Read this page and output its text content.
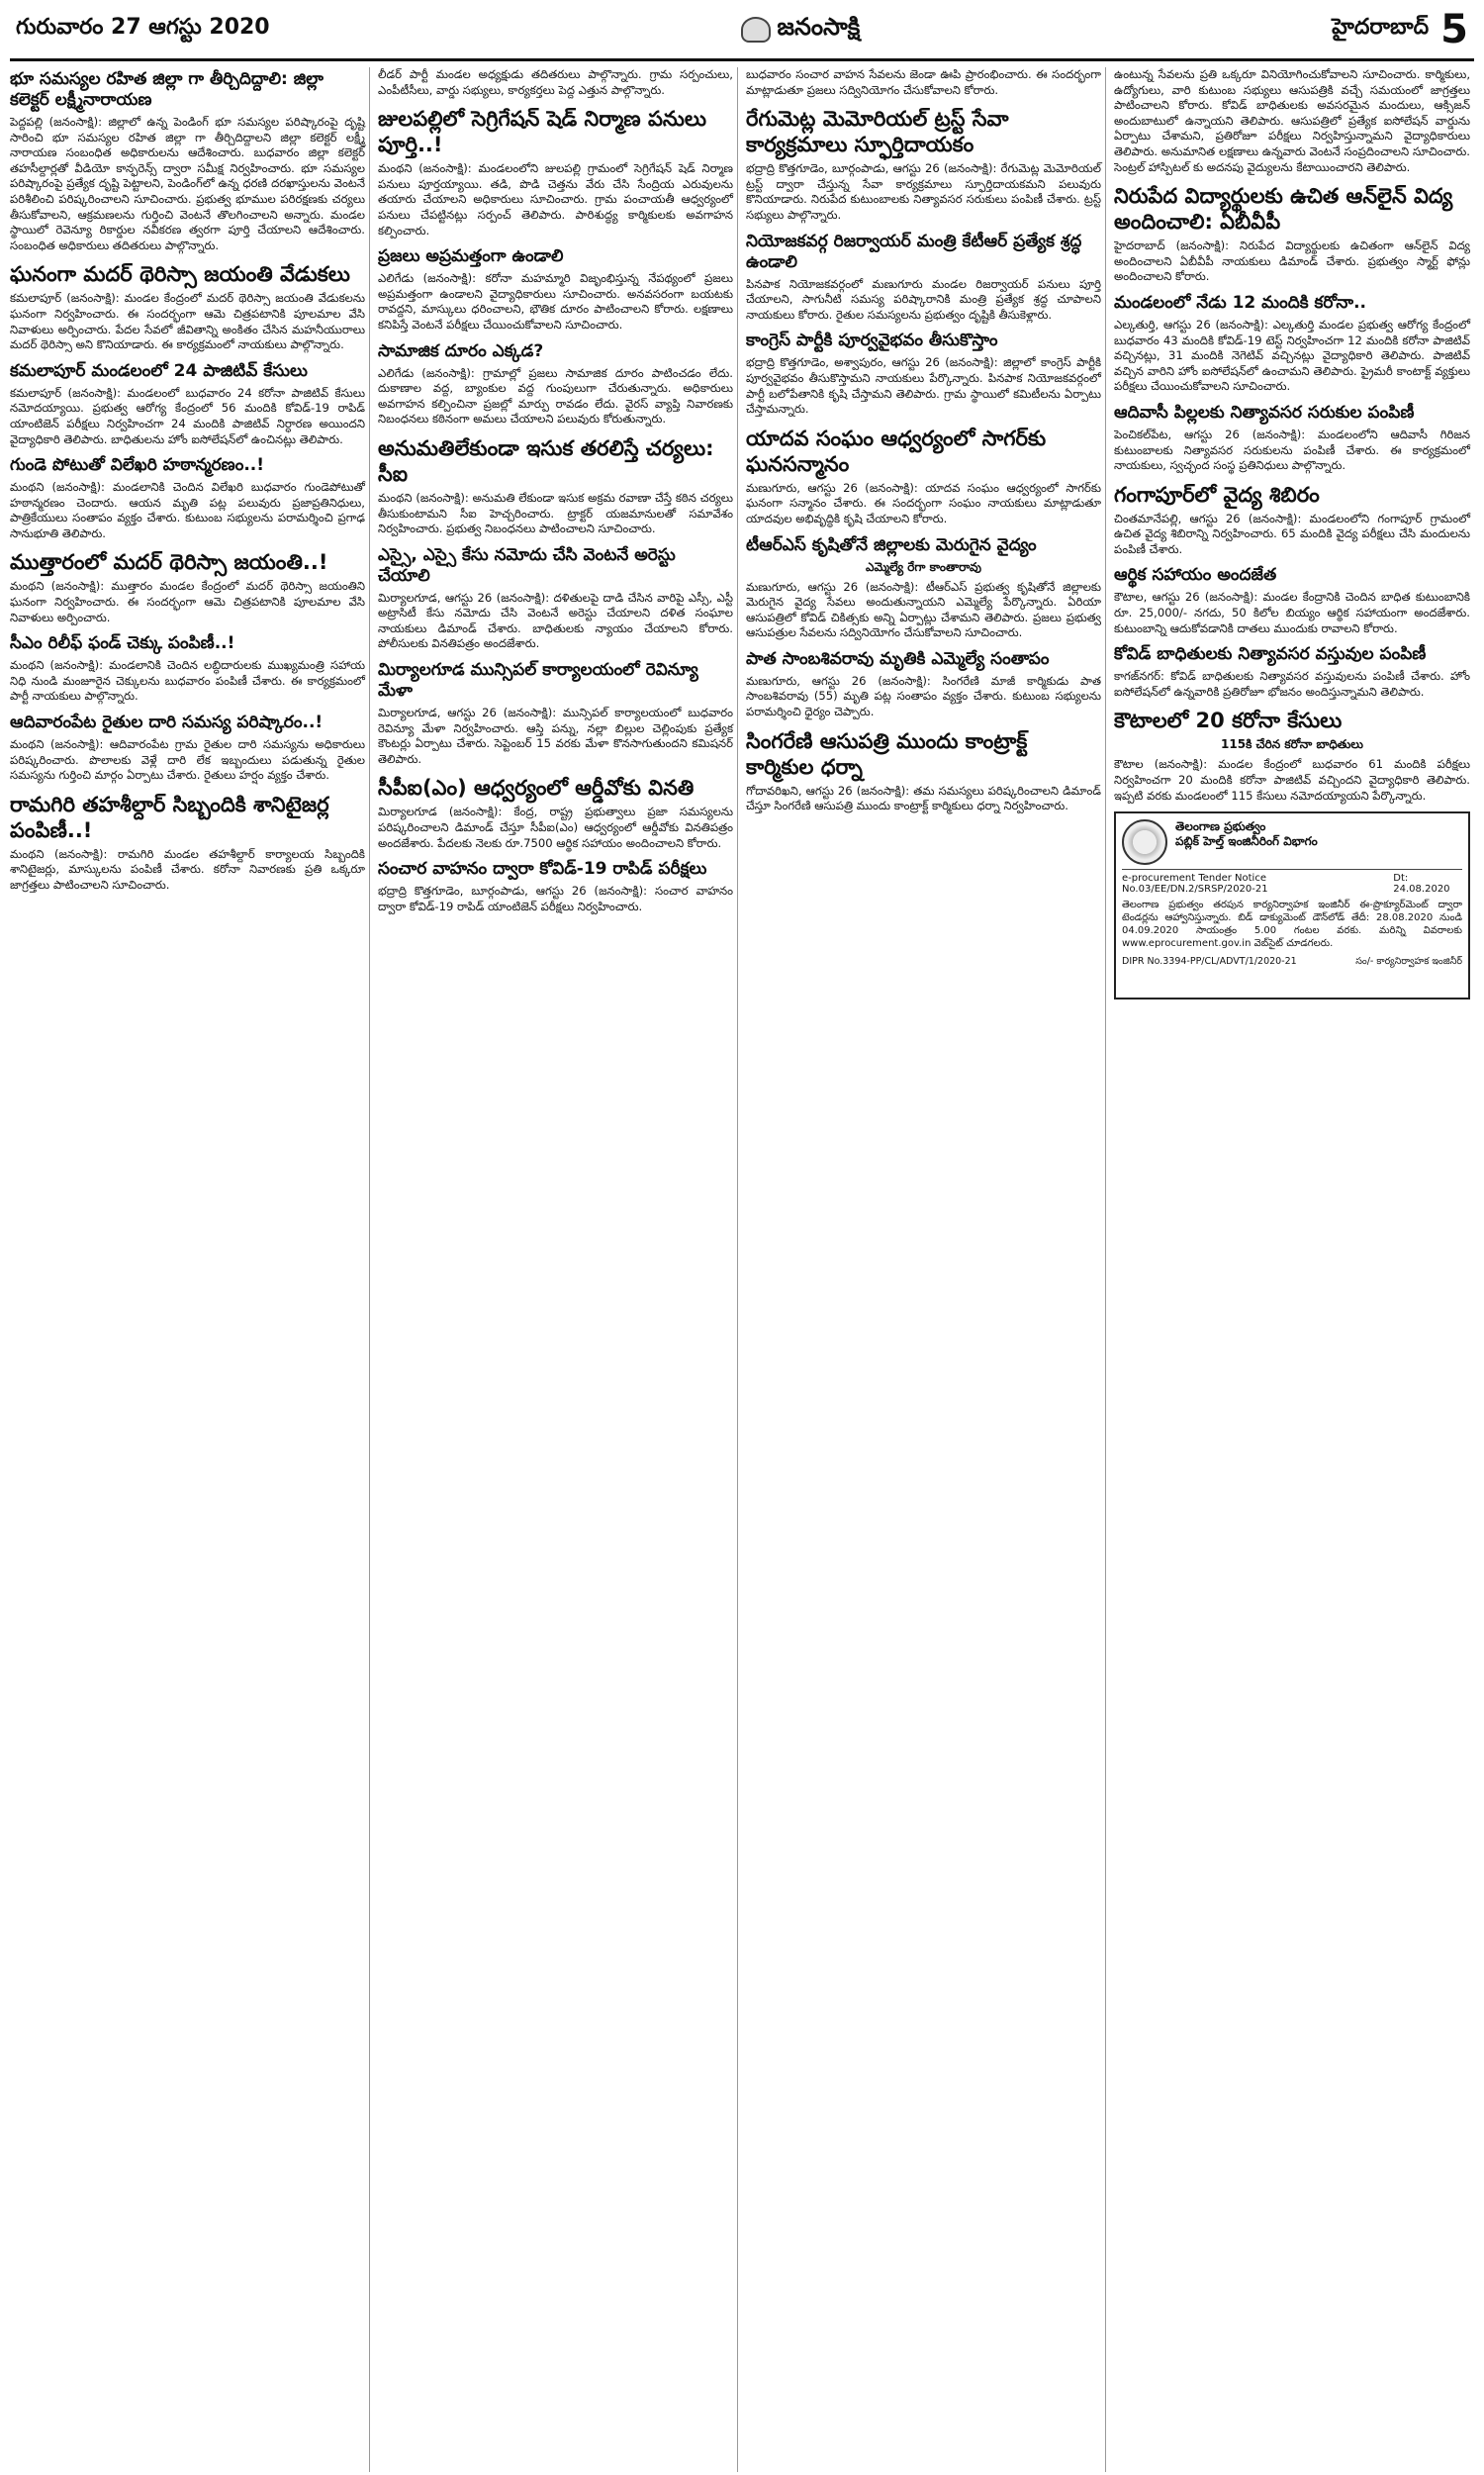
గురువారం 27 ఆగస్టు 2020	జనంసాక్షి	హైదరాబాద్ 5
భూ సమస్యల రహిత జిల్లా గా తీర్చిదిద్దాలి: జిల్లా కలెక్టర్ లక్ష్మీనారాయణ
పెద్దపల్లి (జనంసాక్షి): జిల్లాలో ఉన్న పెండింగ్ భూ సమస్యల పరిష్కారంపై దృష్టి సారించి భూ సమస్యల రహిత జిల్లా గా తీర్చిదిద్దాలని జిల్లా కలెక్టర్ లక్ష్మీ నారాయణ సంబంధిత అధికారులను ఆదేశించారు. బుధవారం జిల్లా కలెక్టర్ తహసీల్దార్లతో వీడియో కాన్ఫరెన్స్ ద్వారా సమీక్ష నిర్వహించారు. భూ సమస్యల పరిష్కారంపై ప్రత్యేక దృష్టి పెట్టాలని, పెండింగ్‌లో ఉన్న ధరణి దరఖాస్తులను వెంటనే పరిశీలించి పరిష్కరించాలని సూచించారు. ప్రభుత్వ భూముల పరిరక్షణకు చర్యలు తీసుకోవాలని, ఆక్రమణలను గుర్తించి వెంటనే తొలగించాలని అన్నారు. మండల స్థాయిలో రెవెన్యూ రికార్డుల నవీకరణ త్వరగా పూర్తి చేయాలని ఆదేశించారు. సంబంధిత అధికారులు తదితరులు పాల్గొన్నారు.
ఘనంగా మదర్ థెరిస్సా జయంతి వేడుకలు
కమలాపూర్ (జనంసాక్షి): మండల కేంద్రంలో మదర్ థెరిస్సా జయంతి వేడుకలను ఘనంగా నిర్వహించారు. ఈ సందర్భంగా ఆమె చిత్రపటానికి పూలమాల వేసి నివాళులు అర్పించారు. పేదల సేవలో జీవితాన్ని అంకితం చేసిన మహనీయురాలు మదర్ థెరిస్సా అని కొనియాడారు. ఈ కార్యక్రమంలో నాయకులు పాల్గొన్నారు.
కమలాపూర్ మండలంలో 24 పాజిటివ్ కేసులు
కమలాపూర్ (జనంసాక్షి): మండలంలో బుధవారం 24 కరోనా పాజిటివ్ కేసులు నమోదయ్యాయి. ప్రభుత్వ ఆరోగ్య కేంద్రంలో 56 మందికి కోవిడ్-19 రాపిడ్ యాంటిజెన్ పరీక్షలు నిర్వహించగా 24 మందికి పాజిటివ్ నిర్ధారణ అయిందని వైద్యాధికారి తెలిపారు. బాధితులను హోం ఐసోలేషన్‌లో ఉంచినట్లు తెలిపారు.
గుండె పోటుతో విలేఖరి హఠాన్మరణం..!
మంథని (జనంసాక్షి): మండలానికి చెందిన విలేఖరి బుధవారం గుండెపోటుతో హఠాన్మరణం చెందారు. ఆయన మృతి పట్ల పలువురు ప్రజాప్రతినిధులు, పాత్రికేయులు సంతాపం వ్యక్తం చేశారు. కుటుంబ సభ్యులను పరామర్శించి ప్రగాఢ సానుభూతి తెలిపారు.
ముత్తారంలో మదర్ థెరిస్సా జయంతి..!
మంథని (జనంసాక్షి): ముత్తారం మండల కేంద్రంలో మదర్ థెరిస్సా జయంతిని ఘనంగా నిర్వహించారు. ఈ సందర్భంగా ఆమె చిత్రపటానికి పూలమాల వేసి నివాళులు అర్పించారు.
సీఎం రిలీఫ్ ఫండ్ చెక్కు పంపిణీ..!
మంథని (జనంసాక్షి): మండలానికి చెందిన లబ్ధిదారులకు ముఖ్యమంత్రి సహాయ నిధి నుండి మంజూరైన చెక్కులను బుధవారం పంపిణీ చేశారు. ఈ కార్యక్రమంలో పార్టీ నాయకులు పాల్గొన్నారు.
ఆదివారంపేట రైతుల దారి సమస్య పరిష్కారం..!
మంథని (జనంసాక్షి): ఆదివారంపేట గ్రామ రైతుల దారి సమస్యను అధికారులు పరిష్కరించారు. పొలాలకు వెళ్లే దారి లేక ఇబ్బందులు పడుతున్న రైతుల సమస్యను గుర్తించి మార్గం ఏర్పాటు చేశారు. రైతులు హర్షం వ్యక్తం చేశారు.
రామగిరి తహశీల్దార్ సిబ్బందికి శానిటైజర్ల పంపిణీ..!
మంథని (జనంసాక్షి): రామగిరి మండల తహశీల్దార్ కార్యాలయ సిబ్బందికి శానిటైజర్లు, మాస్కులను పంపిణీ చేశారు. కరోనా నివారణకు ప్రతి ఒక్కరూ జాగ్రత్తలు పాటించాలని సూచించారు.
లీడర్ పార్టీ మండల అధ్యక్షుడు తదితరులు పాల్గొన్నారు. గ్రామ సర్పంచులు, ఎంపీటీసీలు, వార్డు సభ్యులు, కార్యకర్తలు పెద్ద ఎత్తున పాల్గొన్నారు.
జులపల్లిలో సెగ్రిగేషన్ షెడ్ నిర్మాణ పనులు పూర్తి..!
మంథని (జనంసాక్షి): మండలంలోని జులపల్లి గ్రామంలో సెగ్రిగేషన్ షెడ్ నిర్మాణ పనులు పూర్తయ్యాయి. తడి, పొడి చెత్తను వేరు చేసి సేంద్రియ ఎరువులను తయారు చేయాలని అధికారులు సూచించారు. గ్రామ పంచాయతీ ఆధ్వర్యంలో పనులు చేపట్టినట్లు సర్పంచ్ తెలిపారు. పారిశుద్ధ్య కార్మికులకు అవగాహన కల్పించారు.
ప్రజలు అప్రమత్తంగా ఉండాలి
ఎలిగేడు (జనంసాక్షి): కరోనా మహమ్మారి విజృంభిస్తున్న నేపథ్యంలో ప్రజలు అప్రమత్తంగా ఉండాలని వైద్యాధికారులు సూచించారు. అనవసరంగా బయటకు రావద్దని, మాస్కులు ధరించాలని, భౌతిక దూరం పాటించాలని కోరారు. లక్షణాలు కనిపిస్తే వెంటనే పరీక్షలు చేయించుకోవాలని సూచించారు.
సామాజిక దూరం ఎక్కడ?
ఎలిగేడు (జనంసాక్షి): గ్రామాల్లో ప్రజలు సామాజిక దూరం పాటించడం లేదు. దుకాణాల వద్ద, బ్యాంకుల వద్ద గుంపులుగా చేరుతున్నారు. అధికారులు అవగాహన కల్పించినా ప్రజల్లో మార్పు రావడం లేదు. వైరస్ వ్యాప్తి నివారణకు నిబంధనలు కఠినంగా అమలు చేయాలని పలువురు కోరుతున్నారు.
అనుమతిలేకుండా ఇసుక తరలిస్తే చర్యలు: సీఐ
మంథని (జనంసాక్షి): అనుమతి లేకుండా ఇసుక అక్రమ రవాణా చేస్తే కఠిన చర్యలు తీసుకుంటామని సీఐ హెచ్చరించారు. ట్రాక్టర్ యజమానులతో సమావేశం నిర్వహించారు. ప్రభుత్వ నిబంధనలు పాటించాలని సూచించారు.
ఎస్సై, ఎస్సై కేసు నమోదు చేసి వెంటనే అరెస్టు చేయాలి
మిర్యాలగూడ, ఆగస్టు 26 (జనంసాక్షి): దళితులపై దాడి చేసిన వారిపై ఎస్సీ, ఎస్టీ అట్రాసిటీ కేసు నమోదు చేసి వెంటనే అరెస్టు చేయాలని దళిత సంఘాల నాయకులు డిమాండ్ చేశారు. బాధితులకు న్యాయం చేయాలని కోరారు. పోలీసులకు వినతిపత్రం అందజేశారు.
మిర్యాలగూడ మున్సిపల్ కార్యాలయంలో రెవిన్యూ మేళా
మిర్యాలగూడ, ఆగస్టు 26 (జనంసాక్షి): మున్సిపల్ కార్యాలయంలో బుధవారం రెవిన్యూ మేళా నిర్వహించారు. ఆస్తి పన్ను, నల్లా బిల్లుల చెల్లింపుకు ప్రత్యేక కౌంటర్లు ఏర్పాటు చేశారు. సెప్టెంబర్ 15 వరకు మేళా కొనసాగుతుందని కమిషనర్ తెలిపారు.
సీపీఐ(ఎం) ఆధ్వర్యంలో ఆర్డీవోకు వినతి
మిర్యాలగూడ (జనంసాక్షి): కేంద్ర, రాష్ట్ర ప్రభుత్వాలు ప్రజా సమస్యలను పరిష్కరించాలని డిమాండ్ చేస్తూ సీపీఐ(ఎం) ఆధ్వర్యంలో ఆర్డీవోకు వినతిపత్రం అందజేశారు. పేదలకు నెలకు రూ.7500 ఆర్థిక సహాయం అందించాలని కోరారు.
సంచార వాహనం ద్వారా కోవిడ్-19 రాపిడ్ పరీక్షలు
భద్రాద్రి కొత్తగూడెం, బూర్గంపాడు, ఆగస్టు 26 (జనంసాక్షి): సంచార వాహనం ద్వారా కోవిడ్-19 రాపిడ్ యాంటిజెన్ పరీక్షలు నిర్వహించారు.
బుధవారం సంచార వాహన సేవలను జెండా ఊపి ప్రారంభించారు. ఈ సందర్భంగా మాట్లాడుతూ ప్రజలు సద్వినియోగం చేసుకోవాలని కోరారు.
రేగుమెట్ల మెమోరియల్ ట్రస్ట్ సేవా కార్యక్రమాలు స్ఫూర్తిదాయకం
భద్రాద్రి కొత్తగూడెం, బూర్గంపాడు, ఆగస్టు 26 (జనంసాక్షి): రేగుమెట్ల మెమోరియల్ ట్రస్ట్ ద్వారా చేస్తున్న సేవా కార్యక్రమాలు స్ఫూర్తిదాయకమని పలువురు కొనియాడారు. నిరుపేద కుటుంబాలకు నిత్యావసర సరుకులు పంపిణీ చేశారు. ట్రస్ట్ సభ్యులు పాల్గొన్నారు.
నియోజకవర్గ రిజర్వాయర్ మంత్రి కేటీఆర్ ప్రత్యేక శ్రద్ధ ఉండాలి
పినపాక నియోజకవర్గంలో మణుగూరు మండల రిజర్వాయర్ పనులు పూర్తి చేయాలని, సాగునీటి సమస్య పరిష్కారానికి మంత్రి ప్రత్యేక శ్రద్ధ చూపాలని నాయకులు కోరారు. రైతుల సమస్యలను ప్రభుత్వం దృష్టికి తీసుకెళ్లారు.
కాంగ్రెస్ పార్టీకి పూర్వవైభవం తీసుకొస్తాం
భద్రాద్రి కొత్తగూడెం, అశ్వాపురం, ఆగస్టు 26 (జనంసాక్షి): జిల్లాలో కాంగ్రెస్ పార్టీకి పూర్వవైభవం తీసుకొస్తామని నాయకులు పేర్కొన్నారు. పినపాక నియోజకవర్గంలో పార్టీ బలోపేతానికి కృషి చేస్తామని తెలిపారు. గ్రామ స్థాయిలో కమిటీలను ఏర్పాటు చేస్తామన్నారు.
యాదవ సంఘం ఆధ్వర్యంలో సాగర్‌కు ఘనసన్మానం
మణుగూరు, ఆగస్టు 26 (జనంసాక్షి): యాదవ సంఘం ఆధ్వర్యంలో సాగర్‌కు ఘనంగా సన్మానం చేశారు. ఈ సందర్భంగా సంఘం నాయకులు మాట్లాడుతూ యాదవుల అభివృద్ధికి కృషి చేయాలని కోరారు.
టీఆర్ఎస్ కృషితోనే జిల్లాలకు మెరుగైన వైద్యం
ఎమ్మెల్యే రేగా కాంతారావు
మణుగూరు, ఆగస్టు 26 (జనంసాక్షి): టీఆర్ఎస్ ప్రభుత్వ కృషితోనే జిల్లాలకు మెరుగైన వైద్య సేవలు అందుతున్నాయని ఎమ్మెల్యే పేర్కొన్నారు. ఏరియా ఆసుపత్రిలో కోవిడ్ చికిత్సకు అన్ని ఏర్పాట్లు చేశామని తెలిపారు. ప్రజలు ప్రభుత్వ ఆసుపత్రుల సేవలను సద్వినియోగం చేసుకోవాలని సూచించారు.
పాత సాంబశివరావు మృతికి ఎమ్మెల్యే సంతాపం
మణుగూరు, ఆగస్టు 26 (జనంసాక్షి): సింగరేణి మాజీ కార్మికుడు పాత సాంబశివరావు (55) మృతి పట్ల సంతాపం వ్యక్తం చేశారు. కుటుంబ సభ్యులను పరామర్శించి ధైర్యం చెప్పారు.
సింగరేణి ఆసుపత్రి ముందు కాంట్రాక్ట్ కార్మికుల ధర్నా
గోదావరిఖని, ఆగస్టు 26 (జనంసాక్షి): తమ సమస్యలు పరిష్కరించాలని డిమాండ్ చేస్తూ సింగరేణి ఆసుపత్రి ముందు కాంట్రాక్ట్ కార్మికులు ధర్నా నిర్వహించారు.
ఉంటున్న సేవలను ప్రతి ఒక్కరూ వినియోగించుకోవాలని సూచించారు. కార్మికులు, ఉద్యోగులు, వారి కుటుంబ సభ్యులు ఆసుపత్రికి వచ్చే సమయంలో జాగ్రత్తలు పాటించాలని కోరారు. కోవిడ్ బాధితులకు అవసరమైన మందులు, ఆక్సిజన్ అందుబాటులో ఉన్నాయని తెలిపారు. ఆసుపత్రిలో ప్రత్యేక ఐసోలేషన్ వార్డును ఏర్పాటు చేశామని, ప్రతిరోజూ పరీక్షలు నిర్వహిస్తున్నామని వైద్యాధికారులు తెలిపారు. అనుమానిత లక్షణాలు ఉన్నవారు వెంటనే సంప్రదించాలని సూచించారు. సెంట్రల్ హాస్పిటల్ కు అదనపు వైద్యులను కేటాయించారని తెలిపారు.
నిరుపేద విద్యార్థులకు ఉచిత ఆన్‌లైన్ విద్య అందించాలి: ఏబీవీపీ
హైదరాబాద్ (జనంసాక్షి): నిరుపేద విద్యార్థులకు ఉచితంగా ఆన్‌లైన్ విద్య అందించాలని ఏబీవీపీ నాయకులు డిమాండ్ చేశారు. ప్రభుత్వం స్మార్ట్ ఫోన్లు అందించాలని కోరారు.
మండలంలో నేడు 12 మందికి కరోనా..
ఎల్కతుర్తి, ఆగస్టు 26 (జనంసాక్షి): ఎల్కతుర్తి మండల ప్రభుత్వ ఆరోగ్య కేంద్రంలో బుధవారం 43 మందికి కోవిడ్-19 టెస్ట్ నిర్వహించగా 12 మందికి కరోనా పాజిటివ్ వచ్చినట్లు, 31 మందికి నెగెటివ్ వచ్చినట్లు వైద్యాధికారి తెలిపారు. పాజిటివ్ వచ్చిన వారిని హోం ఐసోలేషన్‌లో ఉంచామని తెలిపారు. ప్రైమరీ కాంటాక్ట్ వ్యక్తులు పరీక్షలు చేయించుకోవాలని సూచించారు.
ఆదివాసీ పిల్లలకు నిత్యావసర సరుకుల పంపిణీ
పెంచికల్‌పేట, ఆగస్టు 26 (జనంసాక్షి): మండలంలోని ఆదివాసీ గిరిజన కుటుంబాలకు నిత్యావసర సరుకులను పంపిణీ చేశారు. ఈ కార్యక్రమంలో నాయకులు, స్వచ్ఛంద సంస్థ ప్రతినిధులు పాల్గొన్నారు.
గంగాపూర్‌లో వైద్య శిబిరం
చింతమానేపల్లి, ఆగస్టు 26 (జనంసాక్షి): మండలంలోని గంగాపూర్ గ్రామంలో ఉచిత వైద్య శిబిరాన్ని నిర్వహించారు. 65 మందికి వైద్య పరీక్షలు చేసి మందులను పంపిణీ చేశారు.
ఆర్థిక సహాయం అందజేత
కౌటాల, ఆగస్టు 26 (జనంసాక్షి): మండల కేంద్రానికి చెందిన బాధిత కుటుంబానికి రూ. 25,000/- నగదు, 50 కిలోల బియ్యం ఆర్థిక సహాయంగా అందజేశారు. కుటుంబాన్ని ఆదుకోవడానికి దాతలు ముందుకు రావాలని కోరారు.
కోవిడ్ బాధితులకు నిత్యావసర వస్తువుల పంపిణీ
కాగజ్‌నగర్: కోవిడ్ బాధితులకు నిత్యావసర వస్తువులను పంపిణీ చేశారు. హోం ఐసోలేషన్‌లో ఉన్నవారికి ప్రతిరోజూ భోజనం అందిస్తున్నామని తెలిపారు.
కౌటాలలో 20 కరోనా కేసులు
115కి చేరిన కరోనా బాధితులు
కౌటాల (జనంసాక్షి): మండల కేంద్రంలో బుధవారం 61 మందికి పరీక్షలు నిర్వహించగా 20 మందికి కరోనా పాజిటివ్ వచ్చిందని వైద్యాధికారి తెలిపారు. ఇప్పటి వరకు మండలంలో 115 కేసులు నమోదయ్యాయని పేర్కొన్నారు.
తెలంగాణ ప్రభుత్వం
పబ్లిక్ హెల్త్ ఇంజినీరింగ్ విభాగం
e-procurement Tender Notice No.03/EE/DN.2/SRSP/2020-21
Dt: 24.08.2020
తెలంగాణ ప్రభుత్వం తరపున కార్యనిర్వాహక ఇంజినీర్ ఈ-ప్రొక్యూర్‌మెంట్ ద్వారా టెండర్లను ఆహ్వానిస్తున్నారు. బిడ్ డాక్యుమెంట్ డౌన్‌లోడ్ తేదీ: 28.08.2020 నుండి 04.09.2020 సాయంత్రం 5.00 గంటల వరకు. మరిన్ని వివరాలకు www.eprocurement.gov.in వెబ్‌సైట్ చూడగలరు.
DIPR No.3394-PP/CL/ADVT/1/2020-21	సం/- కార్యనిర్వాహక ఇంజినీర్
